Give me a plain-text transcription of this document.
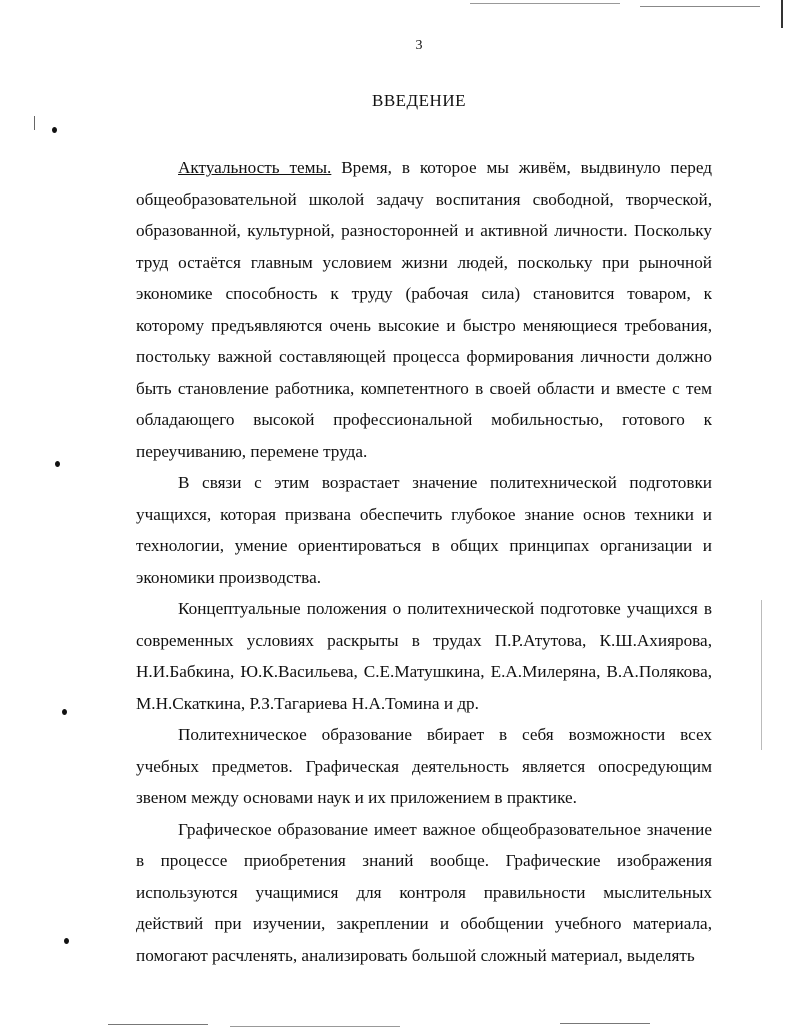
3
ВВЕДЕНИЕ

Актуальность темы. Время, в которое мы живём, выдвинуло перед общеобразовательной школой задачу воспитания свободной, творческой, образованной, культурной, разносторонней и активной личности. Поскольку труд остаётся главным условием жизни людей, поскольку при рыночной экономике способность к труду (рабочая сила) становится товаром, к которому предъявляются очень высокие и быстро меняющиеся требования, постольку важной составляющей процесса формирования личности должно быть становление работника, компетентного в своей области и вместе с тем обладающего высокой профессиональной мобильностью, готового к переучиванию, перемене труда.

В связи с этим возрастает значение политехнической подготовки учащихся, которая призвана обеспечить глубокое знание основ техники и технологии, умение ориентироваться в общих принципах организации и экономики производства.

Концептуальные положения о политехнической подготовке учащихся в современных условиях раскрыты в трудах П.Р.Атутова, К.Ш.Ахиярова, Н.И.Бабкина, Ю.К.Васильева, С.Е.Матушкина, Е.А.Милеряна, В.А.Полякова, М.Н.Скаткина, Р.З.Тагариева Н.А.Томина и др.

Политехническое образование вбирает в себя возможности всех учебных предметов. Графическая деятельность является опосредующим звеном между основами наук и их приложением в практике.

Графическое образование имеет важное общеобразовательное значение в процессе приобретения знаний вообще. Графические изображения используются учащимися для контроля правильности мыслительных действий при изучении, закреплении и обобщении учебного материала, помогают расчленять, анализировать большой сложный материал, выделять
